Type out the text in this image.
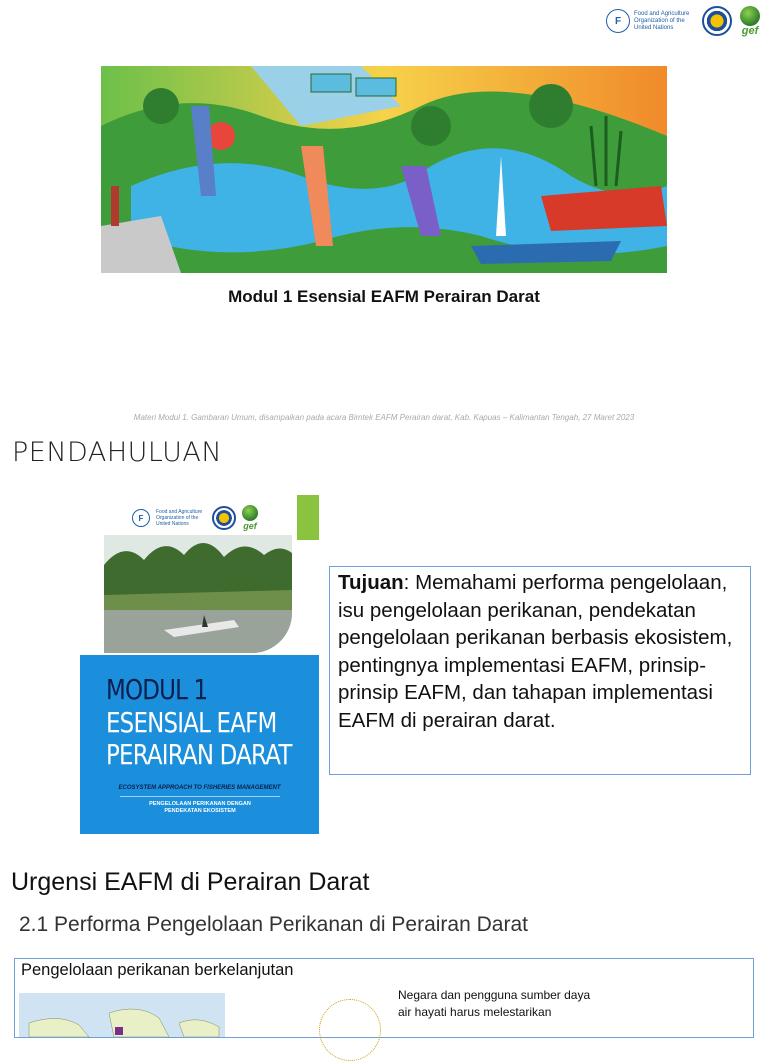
F
Food and Agriculture
Organization of the
United Nations	gef
Modul 1 Esensial EAFM Perairan Darat
Materi Modul 1. Gambaran Umum, disampaikan pada acara Bimtek EAFM Perairan darat, Kab. Kapuas – Kalimantan Tengah, 27 Maret 2023
PENDAHULUAN
F
Food and Agriculture
Organization of the
United Nations	gef
MODUL 1
ESENSIAL EAFM
PERAIRAN DARAT
ECOSYSTEM APPROACH TO FISHERIES MANAGEMENT
PENGELOLAAN PERIKANAN DENGAN
PENDEKATAN EKOSISTEM
Tujuan: Memahami performa pengelolaan, isu pengelolaan perikanan, pendekatan pengelolaan perikanan berbasis ekosistem, pentingnya implementasi EAFM, prinsip-prinsip EAFM, dan tahapan implementasi EAFM di perairan darat.
Urgensi EAFM di Perairan Darat
2.1 Performa Pengelolaan Perikanan di Perairan Darat
Pengelolaan perikanan berkelanjutan
Negara dan pengguna sumber daya
air hayati harus melestarikan
